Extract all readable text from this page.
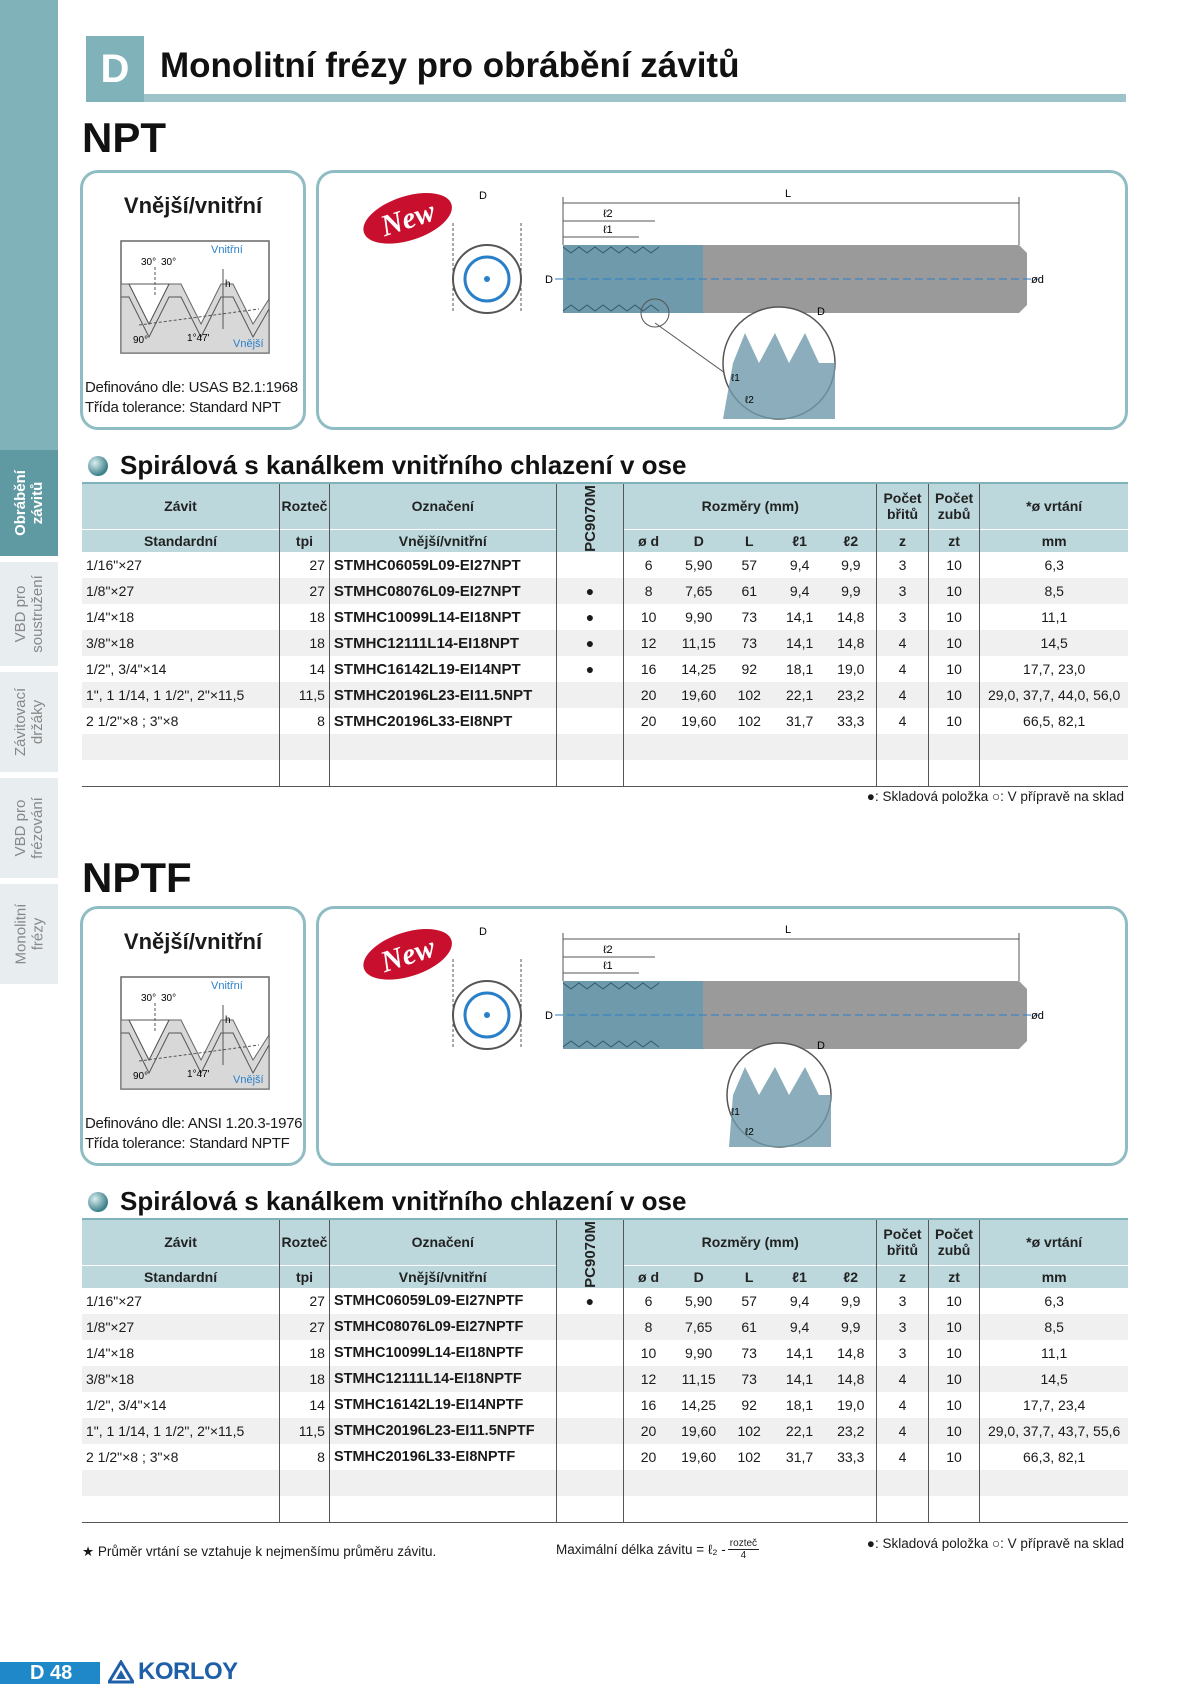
Obrábění
závitů
VBD pro
soustružení
Závitovací
držáky
VBD pro
frézování
Monolitní
frézy
D Monolitní frézy pro obrábění závitů
NPT
Vnější/vnitřní
Vnitřní
Vnější
30° 30°
90°	1°47'
h
Definováno dle: USAS B2.1:1968
Třída tolerance: Standard NPT
New	D	L
ℓ2
ℓ1
D	ød
D
ℓ1
ℓ2
Spirálová s kanálkem vnitřního chlazení v ose
Závit	Rozteč	Označení	PC9070M	Rozměry (mm)					Počet břitů	Počet zubů	*ø vrtání
Standardní	tpi	Vnější/vnitřní		ø d	D	L	ℓ1	ℓ2	z	zt	mm
1/16"×27	27	STMHC06059L09-EI27NPT		6	5,90	57	9,4	9,9	3	10	6,3
1/8"×27	27	STMHC08076L09-EI27NPT	●	8	7,65	61	9,4	9,9	3	10	8,5
1/4"×18	18	STMHC10099L14-EI18NPT	●	10	9,90	73	14,1	14,8	3	10	11,1
3/8"×18	18	STMHC12111L14-EI18NPT	●	12	11,15	73	14,1	14,8	4	10	14,5
1/2", 3/4"×14	14	STMHC16142L19-EI14NPT	●	16	14,25	92	18,1	19,0	4	10	17,7, 23,0
1", 1 1/14, 1 1/2", 2"×11,5	11,5	STMHC20196L23-EI11.5NPT		20	19,60	102	22,1	23,2	4	10	29,0, 37,7, 44,0, 56,0
2 1/2"×8 ; 3"×8	8	STMHC20196L33-EI8NPT		20	19,60	102	31,7	33,3	4	10	66,5, 82,1

●: Skladová položka ○: V přípravě na sklad
NPTF
Vnější/vnitřní
Vnitřní
Vnější
30° 30°
90°	1°47'
h
Definováno dle: ANSI 1.20.3-1976
Třída tolerance: Standard NPTF
New	D	L
ℓ2
ℓ1
D	ød
D
ℓ1
ℓ2
Spirálová s kanálkem vnitřního chlazení v ose
Závit	Rozteč	Označení	PC9070M	Rozměry (mm)					Počet břitů	Počet zubů	*ø vrtání
Standardní	tpi	Vnější/vnitřní		ø d	D	L	ℓ1	ℓ2	z	zt	mm
1/16"×27	27	STMHC06059L09-EI27NPTF	●	6	5,90	57	9,4	9,9	3	10	6,3
1/8"×27	27	STMHC08076L09-EI27NPTF		8	7,65	61	9,4	9,9	3	10	8,5
1/4"×18	18	STMHC10099L14-EI18NPTF		10	9,90	73	14,1	14,8	3	10	11,1
3/8"×18	18	STMHC12111L14-EI18NPTF		12	11,15	73	14,1	14,8	4	10	14,5
1/2", 3/4"×14	14	STMHC16142L19-EI14NPTF		16	14,25	92	18,1	19,0	4	10	17,7, 23,4
1", 1 1/14, 1 1/2", 2"×11,5	11,5	STMHC20196L23-EI11.5NPTF		20	19,60	102	22,1	23,2	4	10	29,0, 37,7, 43,7, 55,6
2 1/2"×8 ; 3"×8	8	STMHC20196L33-EI8NPTF		20	19,60	102	31,7	33,3	4	10	66,3, 82,1

★ Průměr vrtání se vztahuje k nejmenšímu průměru závitu.	Maximální délka závitu = ℓ₂ - $\frac{\text{rozteč}}{4}$	●: Skladová položka ○: V přípravě na sklad
D 48	KORLOY
